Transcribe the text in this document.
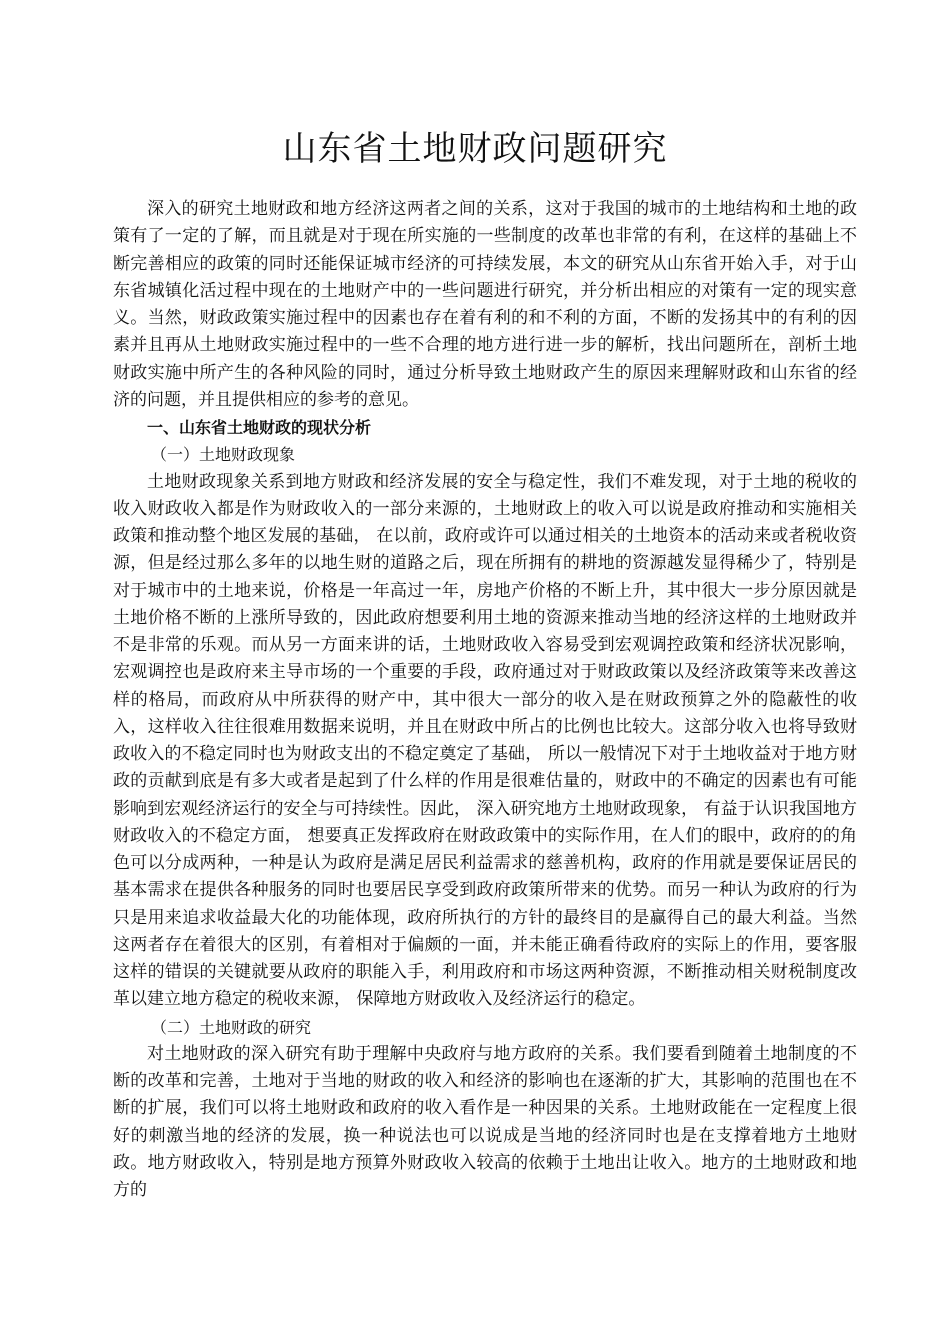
山东省土地财政问题研究

深入的研究土地财政和地方经济这两者之间的关系，这对于我国的城市的土地结构和土地的政策有了一定的了解，而且就是对于现在所实施的一些制度的改革也非常的有利，在这样的基础上不断完善相应的政策的同时还能保证城市经济的可持续发展，本文的研究从山东省开始入手，对于山东省城镇化活过程中现在的土地财产中的一些问题进行研究，并分析出相应的对策有一定的现实意义。当然，财政政策实施过程中的因素也存在着有利的和不利的方面，不断的发扬其中的有利的因素并且再从土地财政实施过程中的一些不合理的地方进行进一步的解析，找出问题所在，剖析土地财政实施中所产生的各种风险的同时，通过分析导致土地财政产生的原因来理解财政和山东省的经济的问题，并且提供相应的参考的意见。

一、山东省土地财政的现状分析

（一）土地财政现象

土地财政现象关系到地方财政和经济发展的安全与稳定性，我们不难发现，对于土地的税收的收入财政收入都是作为财政收入的一部分来源的，土地财政上的收入可以说是政府推动和实施相关政策和推动整个地区发展的基础， 在以前，政府或许可以通过相关的土地资本的活动来或者税收资源，但是经过那么多年的以地生财的道路之后，现在所拥有的耕地的资源越发显得稀少了，特别是对于城市中的土地来说，价格是一年高过一年，房地产价格的不断上升，其中很大一步分原因就是土地价格不断的上涨所导致的，因此政府想要利用土地的资源来推动当地的经济这样的土地财政并不是非常的乐观。而从另一方面来讲的话，土地财政收入容易受到宏观调控政策和经济状况影响， 宏观调控也是政府来主导市场的一个重要的手段，政府通过对于财政政策以及经济政策等来改善这样的格局，而政府从中所获得的财产中，其中很大一部分的收入是在财政预算之外的隐蔽性的收入，这样收入往往很难用数据来说明，并且在财政中所占的比例也比较大。这部分收入也将导致财政收入的不稳定同时也为财政支出的不稳定奠定了基础， 所以一般情况下对于土地收益对于地方财政的贡献到底是有多大或者是起到了什么样的作用是很难估量的，财政中的不确定的因素也有可能影响到宏观经济运行的安全与可持续性。因此， 深入研究地方土地财政现象， 有益于认识我国地方财政收入的不稳定方面， 想要真正发挥政府在财政政策中的实际作用，在人们的眼中，政府的的角色可以分成两种，一种是认为政府是满足居民利益需求的慈善机构，政府的作用就是要保证居民的基本需求在提供各种服务的同时也要居民享受到政府政策所带来的优势。而另一种认为政府的行为只是用来追求收益最大化的功能体现，政府所执行的方针的最终目的是赢得自己的最大利益。当然这两者存在着很大的区别，有着相对于偏颇的一面，并未能正确看待政府的实际上的作用，要客服这样的错误的关键就要从政府的职能入手，利用政府和市场这两种资源，不断推动相关财税制度改革以建立地方稳定的税收来源， 保障地方财政收入及经济运行的稳定。

（二）土地财政的研究

对土地财政的深入研究有助于理解中央政府与地方政府的关系。我们要看到随着土地制度的不断的改革和完善，土地对于当地的财政的收入和经济的影响也在逐渐的扩大，其影响的范围也在不断的扩展，我们可以将土地财政和政府的收入看作是一种因果的关系。土地财政能在一定程度上很好的刺激当地的经济的发展，换一种说法也可以说成是当地的经济同时也是在支撑着地方土地财政。地方财政收入，特别是地方预算外财政收入较高的依赖于土地出让收入。地方的土地财政和地方的
